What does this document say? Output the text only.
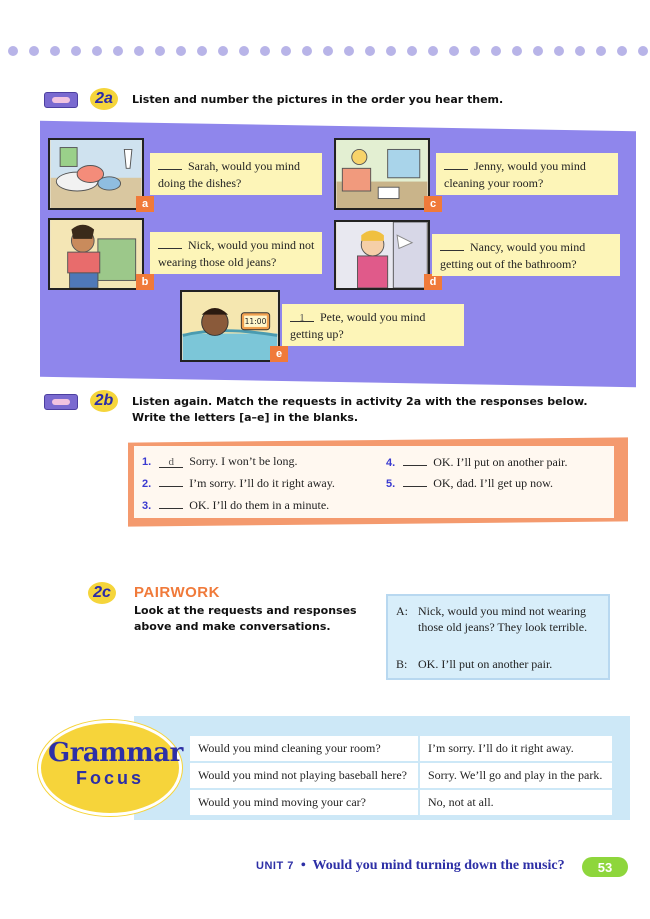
2a	Listen and number the pictures in the order you hear them.
a
Sarah, would you mind doing the dishes?
c
Jenny, would you mind cleaning your room?
b
Nick, would you mind not wearing those old jeans?
d
Nancy, would you mind getting out of the bathroom?
11:00
e
1 Pete, would you mind getting up?
2b	Listen again. Match the requests in activity 2a with the responses below. Write the letters [a–e] in the blanks.
1. d Sorry. I won’t be long.
2.	I’m sorry. I’ll do it right away.
3.	OK. I’ll do them in a minute.
4.	OK. I’ll put on another pair.
5.	OK, dad. I’ll get up now.
2c	PAIRWORK
Look at the requests and responses above and make conversations.
A: Nick, would you mind not wearing those old jeans? They look terrible.
B: OK. I’ll put on another pair.
Grammar
Focus
Would you mind cleaning your room?	I’m sorry. I’ll do it right away.
Would you mind not playing baseball here?	Sorry. We’ll go and play in the park.
Would you mind moving your car?	No, not at all.
UNIT 7 • Would you mind turning down the music?	53
